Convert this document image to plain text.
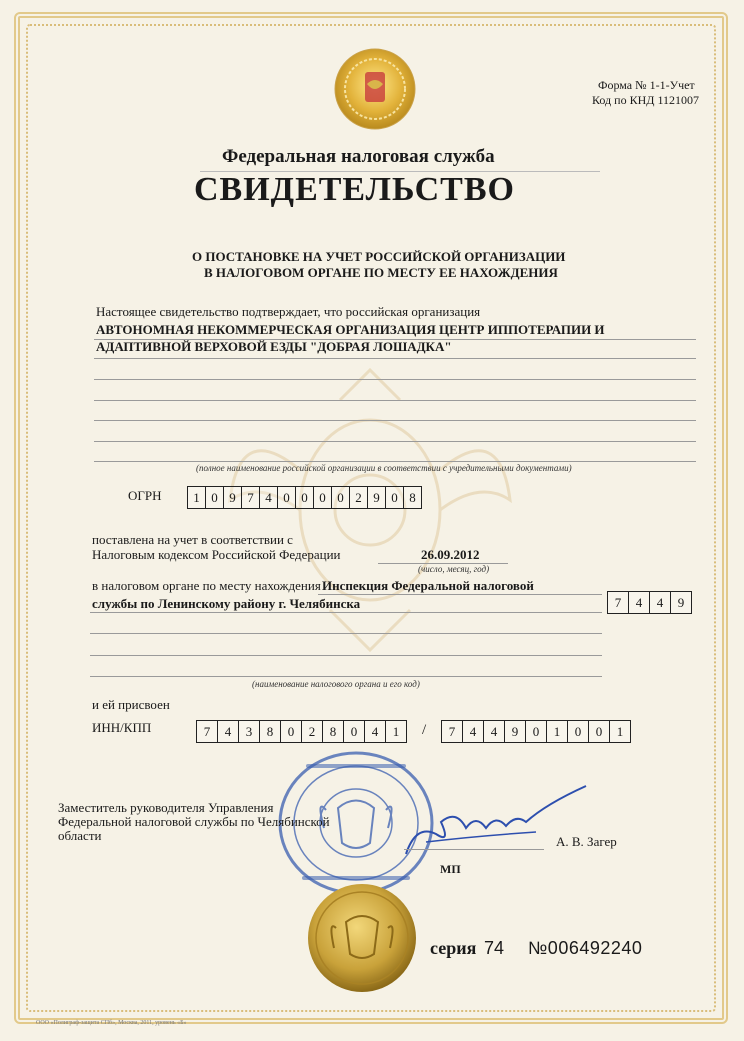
Форма № 1-1-Учет
Код по КНД 1121007
Федеральная налоговая служба
СВИДЕТЕЛЬСТВО
О ПОСТАНОВКЕ НА УЧЕТ РОССИЙСКОЙ ОРГАНИЗАЦИИ
В НАЛОГОВОМ ОРГАНЕ ПО МЕСТУ ЕЕ НАХОЖДЕНИЯ
Настоящее свидетельство подтверждает, что российская организация
АВТОНОМНАЯ НЕКОММЕРЧЕСКАЯ ОРГАНИЗАЦИЯ ЦЕНТР ИППОТЕРАПИИ И
АДАПТИВНОЙ ВЕРХОВОЙ ЕЗДЫ "ДОБРАЯ ЛОШАДКА"
(полное наименование российской организации в соответствии с учредительными документами)
ОГРН	1 0 9 7 4 0 0 0 0 2 9 0 8
поставлена на учет в соответствии с
Налоговым кодексом Российской Федерации	26.09.2012
(число, месяц, год)
в налоговом органе по месту нахождения Инспекция Федеральной налоговой
службы по Ленинскому району г. Челябинска	7	4	4	9
(наименование налогового органа и его код)
и ей присвоен
ИНН/КПП	7	4	3	8	0	2	8	0	4	1	/	7	4	4	9	0	1	0	0	1
Заместитель руководителя Управления
Федеральной налоговой службы по Челябинской
области	А. В. Загер
МП
серия 74 №006492240
ООО «Полиграф-защита СПб», Москва, 2011, уровень «Б»
